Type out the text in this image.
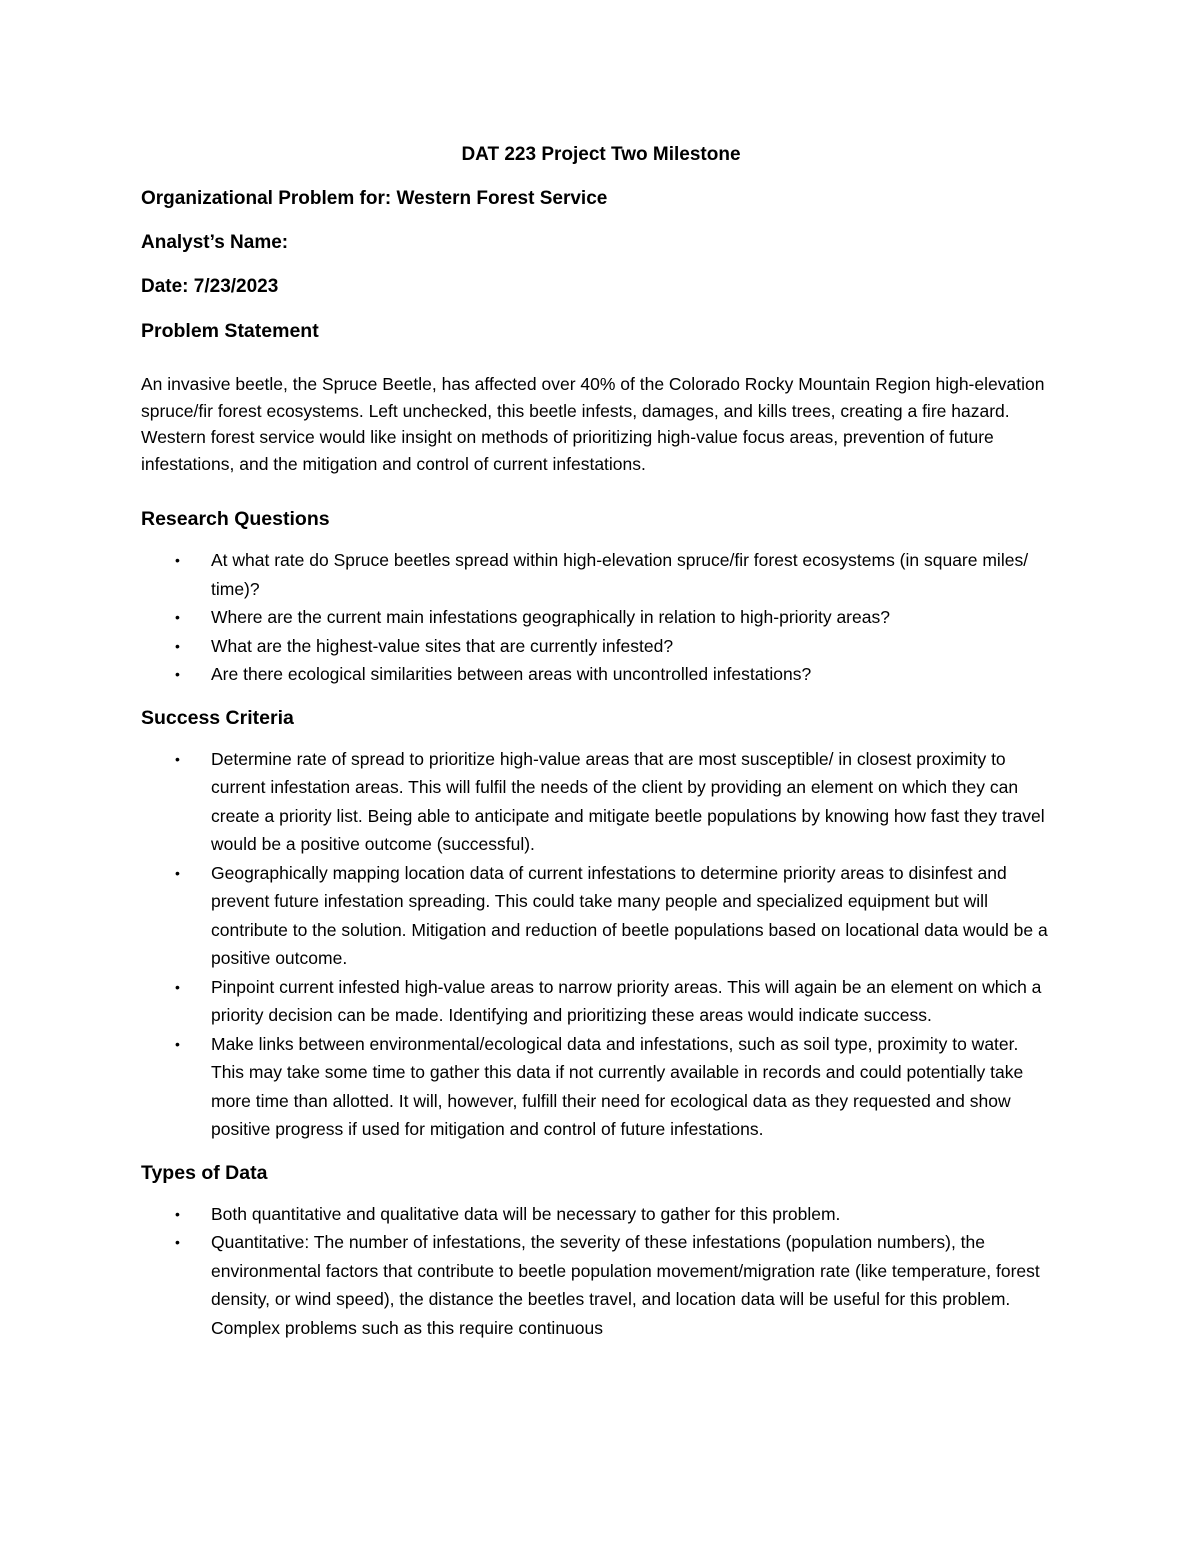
DAT 223 Project Two Milestone
Organizational Problem for: Western Forest Service
Analyst’s Name:
Date: 7/23/2023
Problem Statement

An invasive beetle, the Spruce Beetle, has affected over 40% of the Colorado Rocky Mountain Region high-elevation spruce/fir forest ecosystems. Left unchecked, this beetle infests, damages, and kills trees, creating a fire hazard. Western forest service would like insight on methods of prioritizing high-value focus areas, prevention of future infestations, and the mitigation and control of current infestations.

Research Questions
• At what rate do Spruce beetles spread within high-elevation spruce/fir forest ecosystems (in square miles/ time)?
• Where are the current main infestations geographically in relation to high-priority areas?
• What are the highest-value sites that are currently infested?
• Are there ecological similarities between areas with uncontrolled infestations?
Success Criteria
• Determine rate of spread to prioritize high-value areas that are most susceptible/ in closest proximity to current infestation areas. This will fulfil the needs of the client by providing an element on which they can create a priority list. Being able to anticipate and mitigate beetle populations by knowing how fast they travel would be a positive outcome (successful).
• Geographically mapping location data of current infestations to determine priority areas to disinfest and prevent future infestation spreading. This could take many people and specialized equipment but will contribute to the solution. Mitigation and reduction of beetle populations based on locational data would be a positive outcome.
• Pinpoint current infested high-value areas to narrow priority areas. This will again be an element on which a priority decision can be made. Identifying and prioritizing these areas would indicate success.
• Make links between environmental/ecological data and infestations, such as soil type, proximity to water. This may take some time to gather this data if not currently available in records and could potentially take more time than allotted. It will, however, fulfill their need for ecological data as they requested and show positive progress if used for mitigation and control of future infestations.
Types of Data
• Both quantitative and qualitative data will be necessary to gather for this problem.
• Quantitative: The number of infestations, the severity of these infestations (population numbers), the environmental factors that contribute to beetle population movement/migration rate (like temperature, forest density, or wind speed), the distance the beetles travel, and location data will be useful for this problem. Complex problems such as this require continuous
